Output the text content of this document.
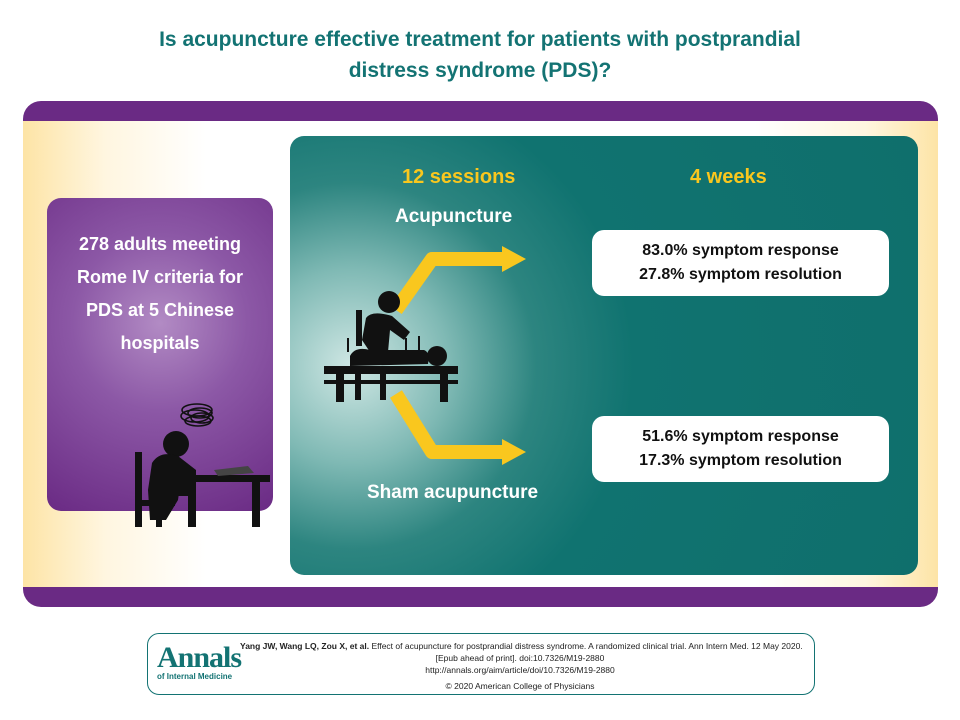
Is acupuncture effective treatment for patients with postprandial
distress syndrome (PDS)?
278 adults meeting
Rome IV criteria for
PDS at 5 Chinese
hospitals
12 sessions	4 weeks
Acupuncture
Sham acupuncture
83.0% symptom response
27.8% symptom resolution
51.6% symptom response
17.3% symptom resolution
Annals
of Internal Medicine
Yang JW, Wang LQ, Zou X, et al. Effect of acupuncture for postprandial distress syndrome. A randomized clinical trial. Ann Intern Med. 12 May 2020.
[Epub ahead of print]. doi:10.7326/M19-2880
http://annals.org/aim/article/doi/10.7326/M19-2880
© 2020 American College of Physicians
